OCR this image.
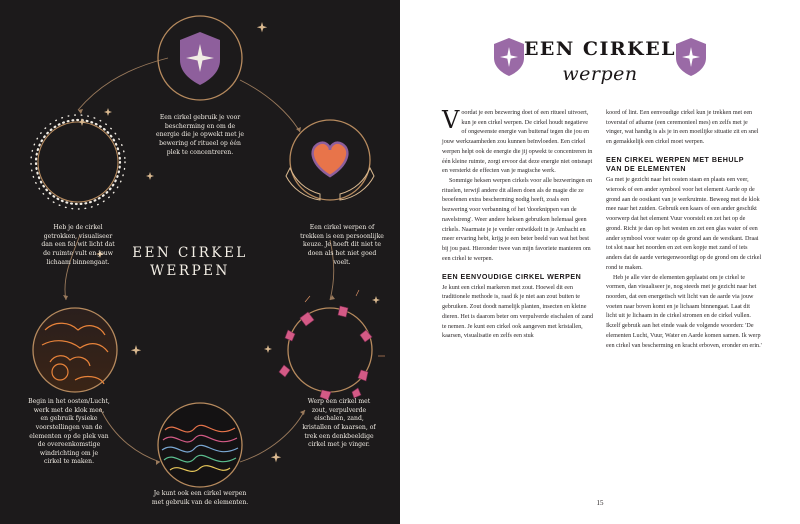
EEN CIRKEL
WERPEN
Een cirkel gebruik je voor
bescherming en om de
energie die je opwekt met je
bewering of ritueel op één
plek te concentreren.
Een cirkel werpen of
trekken is een persoonlijke
keuze. Je hoeft dit niet te
doen als het niet goed
voelt.
Heb je de cirkel
getrokken, visualiseer
dan een fel wit licht dat
de ruimte vult en jouw
lichaam binnengaat.
Begin in het oosten/Lucht,
werk met de klok mee,
en gebruik fysieke
voorstellingen van de
elementen op de plek van
de overeenkomstige
windrichting om je
cirkel te maken.
Werp een cirkel met
zout, verpulverde
eischalen, zand,
kristallen of kaarsen, of
trek een denkbeeldige
cirkel met je vinger.
Je kunt ook een cirkel werpen
met gebruik van de elementen.
EEN CIRKEL
werpen

Voordat je een bezwering doet of een ritueel uitvoert, kun je een cirkel werpen. De cirkel houdt negatieve of ongewenste energie van buitenaf tegen die jou en jouw werkzaamheden zou kunnen beïnvloeden. Een cirkel werpen helpt ook de energie die jij opwekt te concentreren in één kleine ruimte, zorgt ervoor dat deze energie niet ontsnapt en versterkt de effecten van je magische werk.

Sommige heksen werpen cirkels voor alle bezweringen en rituelen, terwijl andere dit alleen doen als de magie die ze beoefenen extra bescherming nodig heeft, zoals een bezwering voor verbanning of het 'doorknippen van de navelstreng'. Weer andere heksen gebruiken helemaal geen cirkels. Naarmate je je verder ontwikkelt in je Ambacht en meer ervaring hebt, krijg je een beter beeld van wat het best bij jou past. Hieronder twee van mijn favoriete manieren om een cirkel te werpen.

EEN EENVOUDIGE CIRKEL WERPEN

Je kunt een cirkel markeren met zout. Hoewel dit een traditionele methode is, raad ik je niet aan zout buiten te gebruiken. Zout doodt namelijk planten, insecten en kleine dieren. Het is daarom beter om verpulverde eischalen of zand te nemen. Je kunt een cirkel ook aangeven met kristallen, kaarsen, visualisatie en zelfs een stuk

koord of lint. Een eenvoudige cirkel kun je trekken met een toverstaf of athame (een ceremonieel mes) en zelfs met je vinger, wat handig is als je in een moeilijke situatie zit en snel en gemakkelijk een cirkel moet werpen.

EEN CIRKEL WERPEN MET BEHULP VAN DE ELEMENTEN

Ga met je gezicht naar het oosten staan en plaats een veer, wierook of een ander symbool voor het element Aarde op de grond aan de oostkant van je werkruimte. Beweeg met de klok mee naar het zuiden. Gebruik een kaars of een ander geschikt voorwerp dat het element Vuur voorstelt en zet het op de grond. Richt je dan op het westen en zet een glas water of een ander symbool voor water op de grond aan de westkant. Draai tot slot naar het noorden en zet een kopje met zand of iets anders dat de aarde vertegenwoordigt op de grond om de cirkel rond te maken.

Heb je alle vier de elementen geplaatst om je cirkel te vormen, dan visualiseer je, nog steeds met je gezicht naar het noorden, dat een energetisch wit licht van de aarde via jouw voeten naar boven komt en je lichaam binnengaat. Laat dit licht uit je lichaam in de cirkel stromen en de cirkel vullen. Ikzelf gebruik aan het einde vaak de volgende woorden: 'De elementen Lucht, Vuur, Water en Aarde komen samen. Ik werp een cirkel van bescherming en kracht erboven, eronder en erin.'

15
